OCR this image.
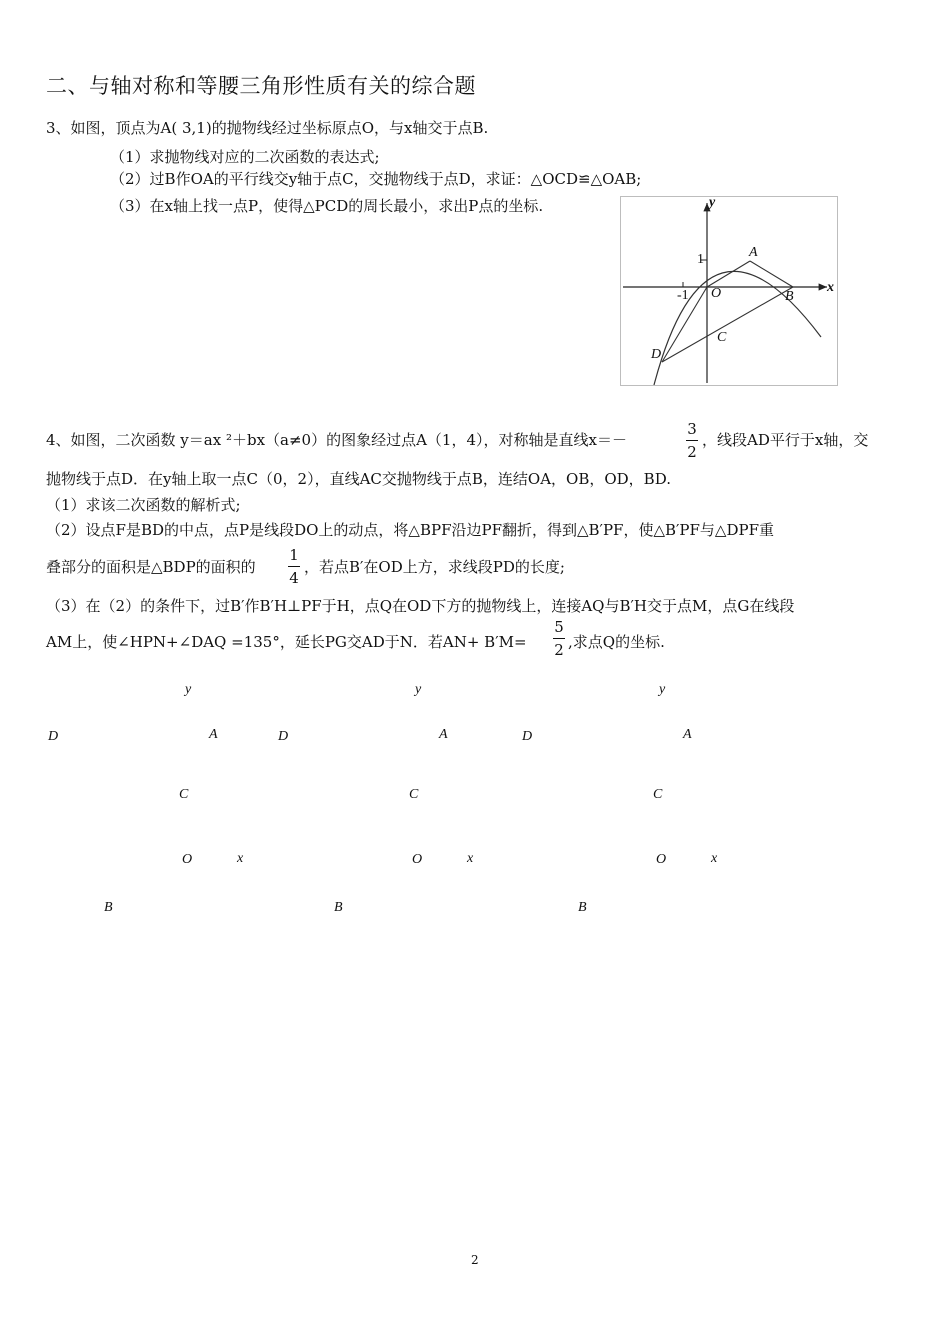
二、与轴对称和等腰三角形性质有关的综合题
3、如图，顶点为A( 3,1)的抛物线经过坐标原点O，与x轴交于点B.
（1）求抛物线对应的二次函数的表达式;
（2）过B作OA的平行线交y轴于点C，交抛物线于点D，求证：△OCD≌△OAB;
（3）在x轴上找一点P，使得△PCD的周长最小，求出P点的坐标.	y
x
-1
1
O
A
B
C
D
4、如图，二次函数 y＝ax ²＋bx（a≠0）的图象经过点A（1，4），对称轴是直线x＝－
3
2
，线段AD平行于x轴，交
抛物线于点D．在y轴上取一点C（0，2），直线AC交抛物线于点B，连结OA，OB，OD，BD.
（1）求该二次函数的解析式;
（2）设点F是BD的中点，点P是线段DO上的动点，将△BPF沿边PF翻折，得到△B′PF，使△B′PF与△DPF重
叠部分的面积是△BDP的面积的
1
4
，若点B′在OD上方，求线段PD的长度;
（3）在（2）的条件下，过B′作B′H⊥PF于H，点Q在OD下方的抛物线上，连接AQ与B′H交于点M，点G在线段
AM上，使∠HPN+∠DAQ =135°，延长PG交AD于N．若AN+ B′M=
5
2 ,求点Q的坐标.
y
D	A
C
O	x
B
y
D	A
C
O	x
B
y
D	A
C
O	x
B
2
